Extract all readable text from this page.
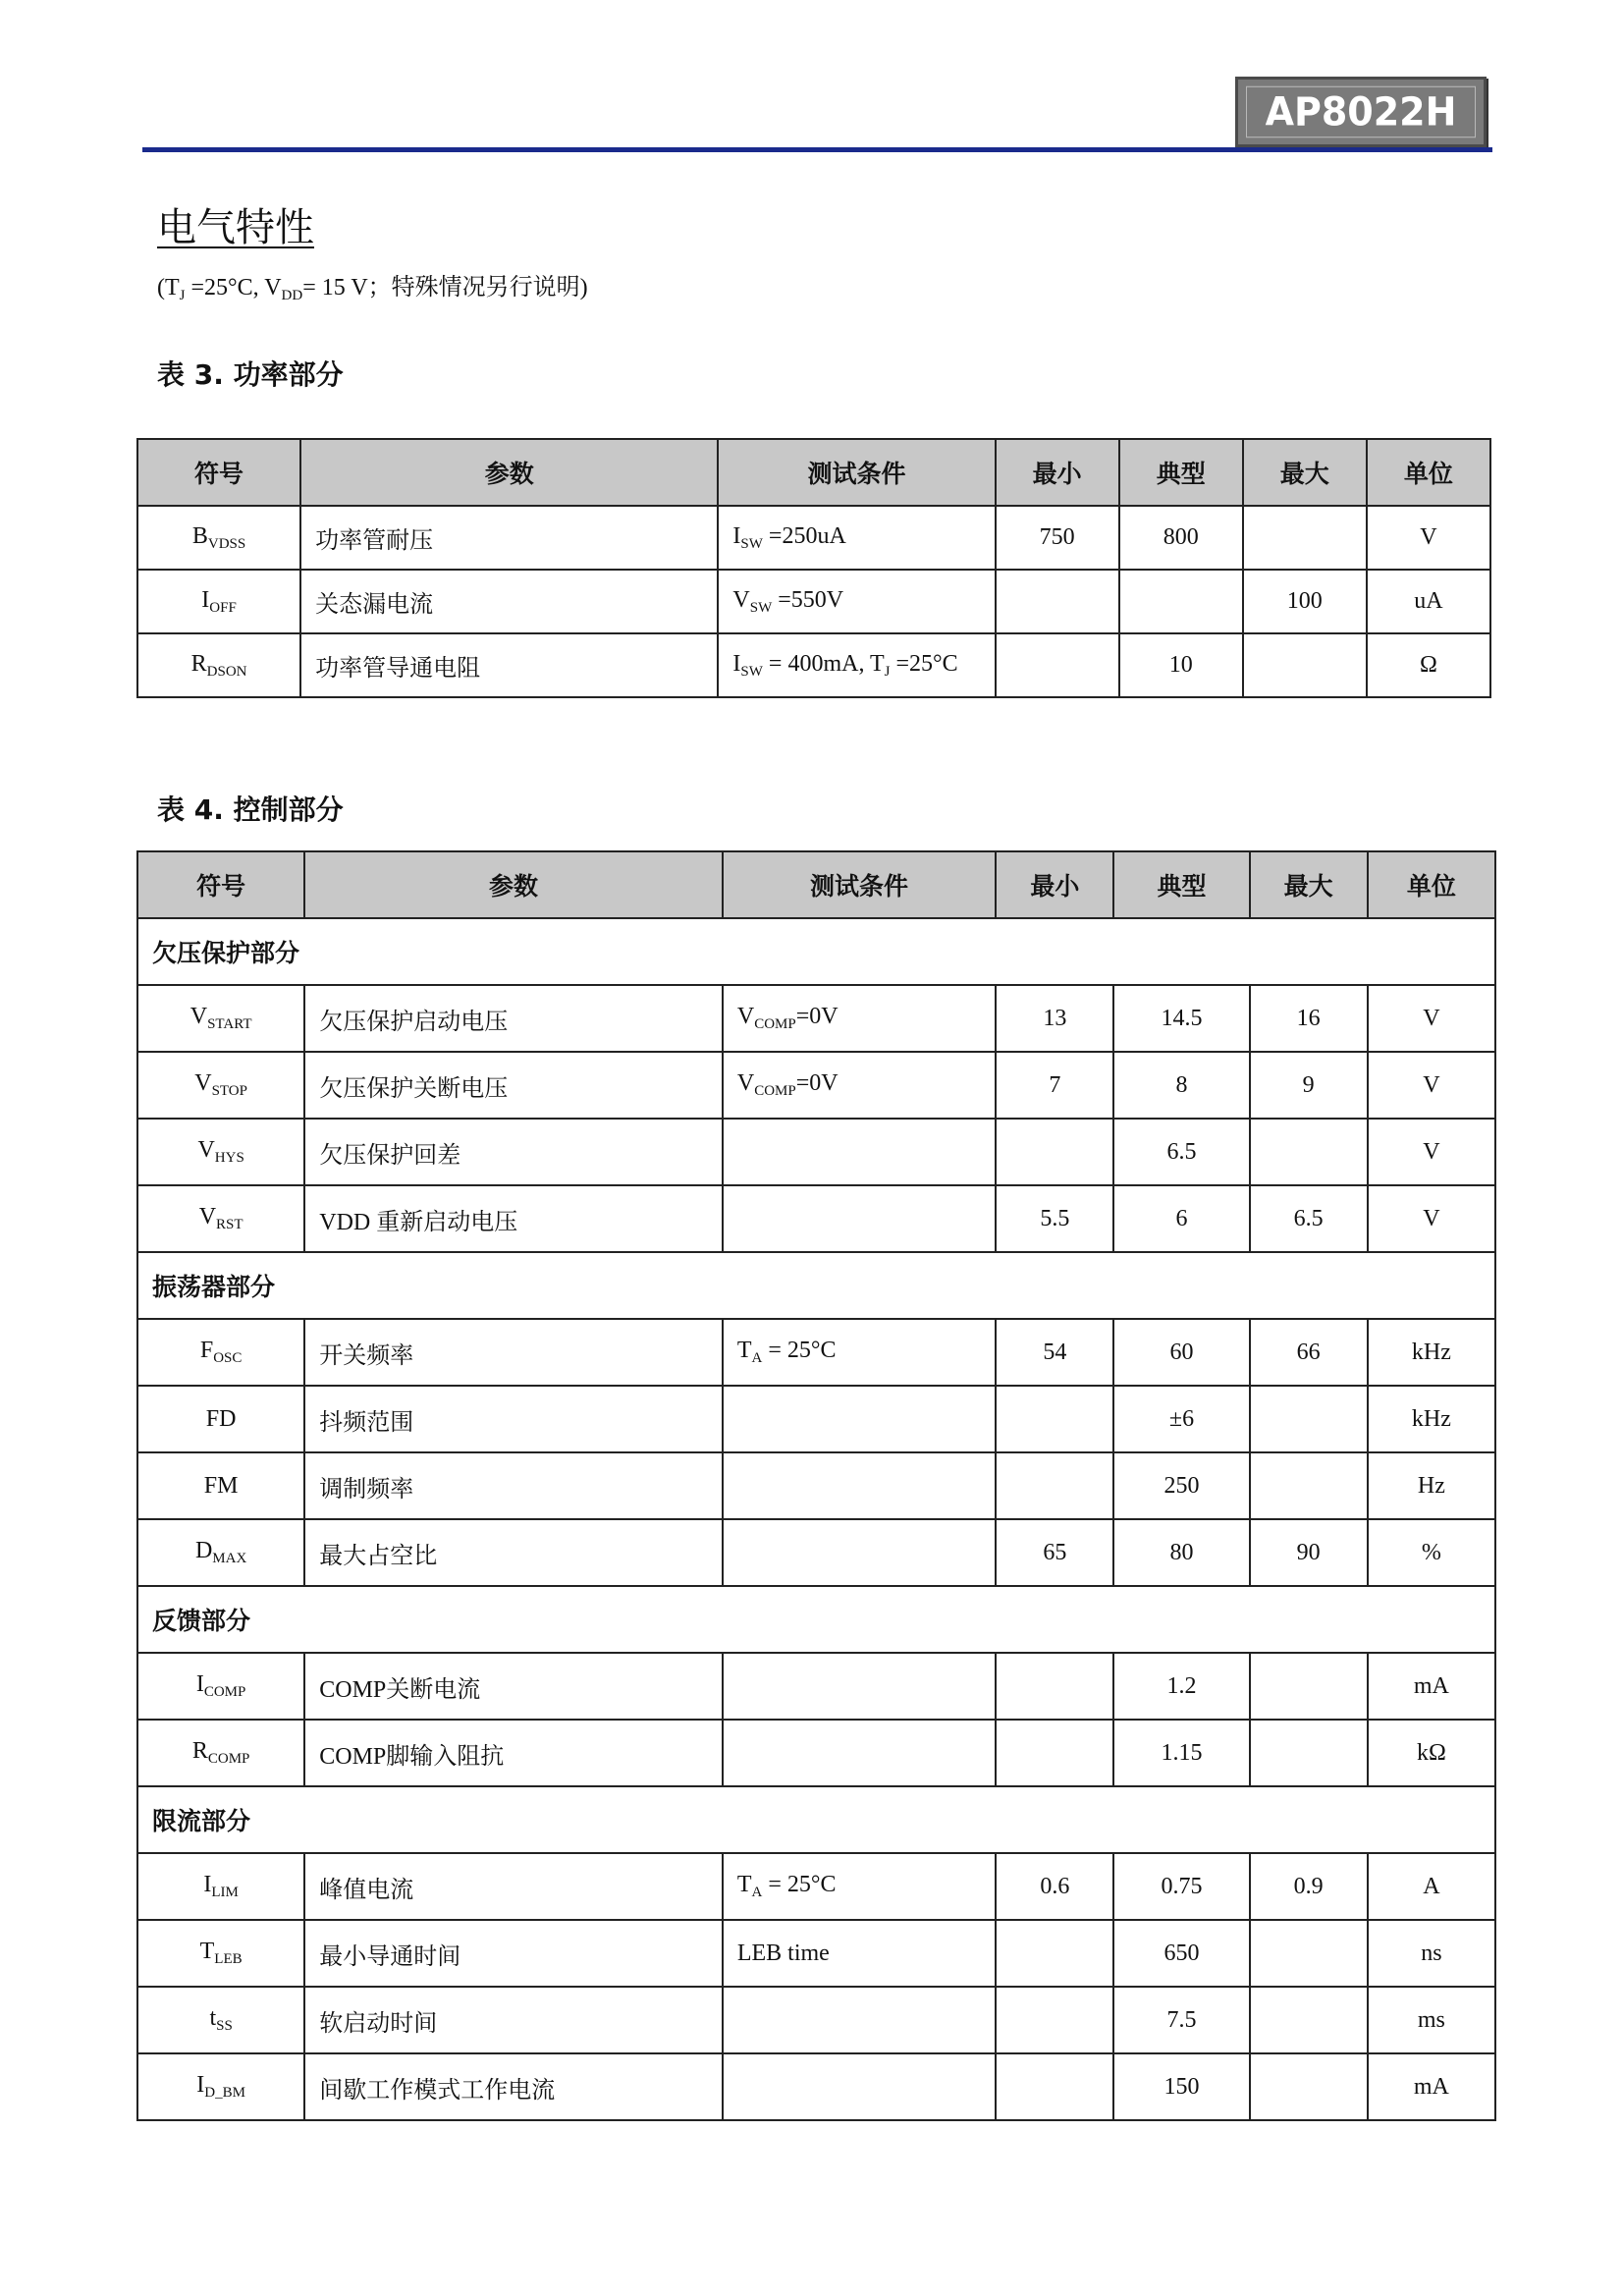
AP8022H
电气特性
($T_J =25^\circ C$, $V_{DD}= 15$ V；特殊情况另行说明)
表 3. 功率部分
符号	参数	测试条件	最小	典型	最大	单位
$B_{VDSS}$	功率管耐压	$I_{SW} =250uA$	750	800		V
$I_{OFF}$	关态漏电流	$V_{SW} =550V$			100	uA
$R_{DSON}$	功率管导通电阻	$I_{SW} = 400mA$, $T_J =25^\circ C$		10		Ω
表 4. 控制部分
符号	参数	测试条件	最小	典型	最大	单位
欠压保护部分						
$V_{START}$	欠压保护启动电压	$V_{COMP}=0V$	13	14.5	16	V
$V_{STOP}$	欠压保护关断电压	$V_{COMP}=0V$	7	8	9	V
$V_{HYS}$	欠压保护回差			6.5		V
$V_{RST}$	VDD 重新启动电压		5.5	6	6.5	V
振荡器部分						
$F_{OSC}$	开关频率	$T_A = 25^\circ C$	54	60	66	kHz
FD	抖频范围			±6		kHz
FM	调制频率			250		Hz
$D_{MAX}$	最大占空比		65	80	90	%
反馈部分						
$I_{COMP}$	COMP关断电流			1.2		mA
$R_{COMP}$	COMP脚输入阻抗			1.15		kΩ
限流部分						
$I_{LIM}$	峰值电流	$T_A = 25^\circ C$	0.6	0.75	0.9	A
$T_{LEB}$	最小导通时间	LEB time		650		ns
$t_{SS}$	软启动时间			7.5		ms
$I_{D\_BM}$	间歇工作模式工作电流			150		mA
